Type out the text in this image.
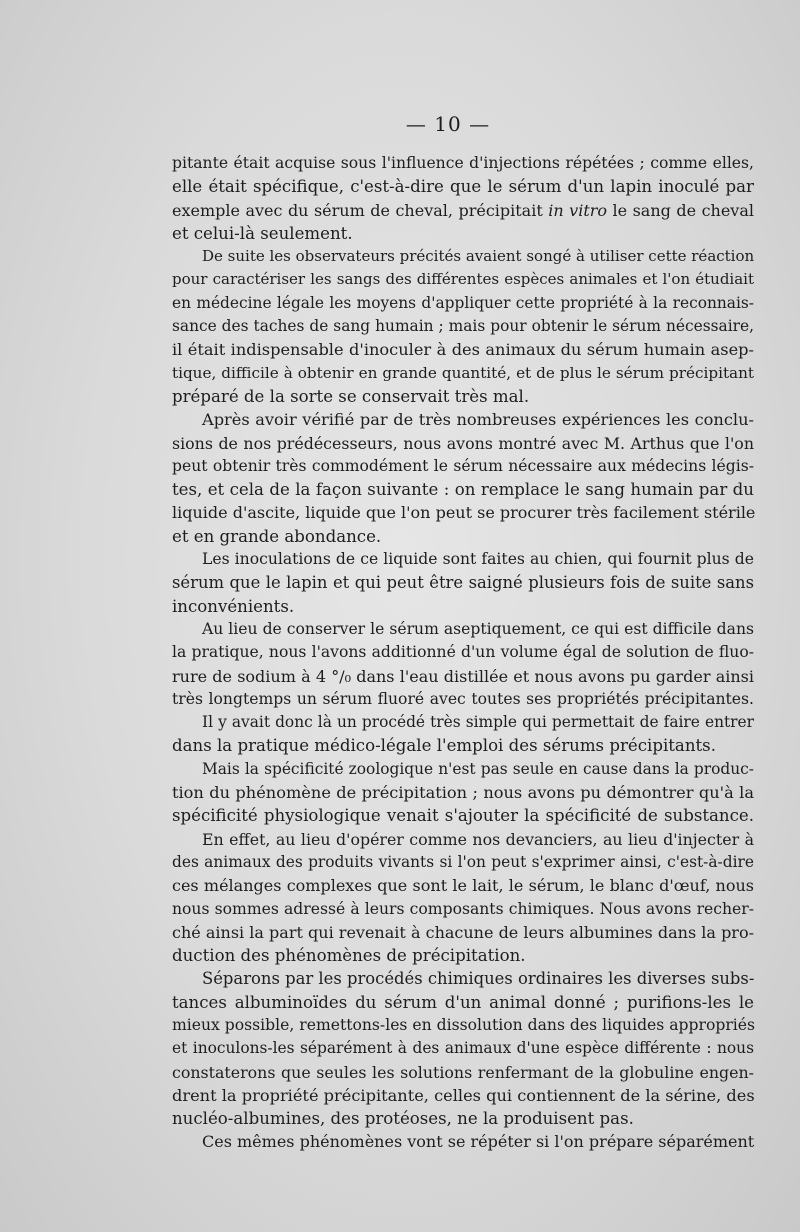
— 10 —
pitante était acquise sous l'influence d'injections répétées ; comme elles,
elle était spécifique, c'est-à-dire que le sérum d'un lapin inoculé par
exemple avec du sérum de cheval, précipitait in vitro le sang de cheval
et celui-là seulement.
De suite les observateurs précités avaient songé à utiliser cette réaction
pour caractériser les sangs des différentes espèces animales et l'on étudiait
en médecine légale les moyens d'appliquer cette propriété à la reconnais-
sance des taches de sang humain ; mais pour obtenir le sérum nécessaire,
il était indispensable d'inoculer à des animaux du sérum humain asep-
tique, difficile à obtenir en grande quantité, et de plus le sérum précipitant
préparé de la sorte se conservait très mal.
Après avoir vérifié par de très nombreuses expériences les conclu-
sions de nos prédécesseurs, nous avons montré avec M. Arthus que l'on
peut obtenir très commodément le sérum nécessaire aux médecins légis-
tes, et cela de la façon suivante : on remplace le sang humain par du
liquide d'ascite, liquide que l'on peut se procurer très facilement stérile
et en grande abondance.
Les inoculations de ce liquide sont faites au chien, qui fournit plus de
sérum que le lapin et qui peut être saigné plusieurs fois de suite sans
inconvénients.
Au lieu de conserver le sérum aseptiquement, ce qui est difficile dans
la pratique, nous l'avons additionné d'un volume égal de solution de fluo-
rure de sodium à 4 °/₀ dans l'eau distillée et nous avons pu garder ainsi
très longtemps un sérum fluoré avec toutes ses propriétés précipitantes.
Il y avait donc là un procédé très simple qui permettait de faire entrer
dans la pratique médico-légale l'emploi des sérums précipitants.
Mais la spécificité zoologique n'est pas seule en cause dans la produc-
tion du phénomène de précipitation ; nous avons pu démontrer qu'à la
spécificité physiologique venait s'ajouter la spécificité de substance.
En effet, au lieu d'opérer comme nos devanciers, au lieu d'injecter à
des animaux des produits vivants si l'on peut s'exprimer ainsi, c'est-à-dire
ces mélanges complexes que sont le lait, le sérum, le blanc d'œuf, nous
nous sommes adressé à leurs composants chimiques. Nous avons recher-
ché ainsi la part qui revenait à chacune de leurs albumines dans la pro-
duction des phénomènes de précipitation.
Séparons par les procédés chimiques ordinaires les diverses subs-
tances albuminoïdes du sérum d'un animal donné ; purifions-les le
mieux possible, remettons-les en dissolution dans des liquides appropriés
et inoculons-les séparément à des animaux d'une espèce différente : nous
constaterons que seules les solutions renfermant de la globuline engen-
drent la propriété précipitante, celles qui contiennent de la sérine, des
nucléo-albumines, des protéoses, ne la produisent pas.
Ces mêmes phénomènes vont se répéter si l'on prépare séparément
